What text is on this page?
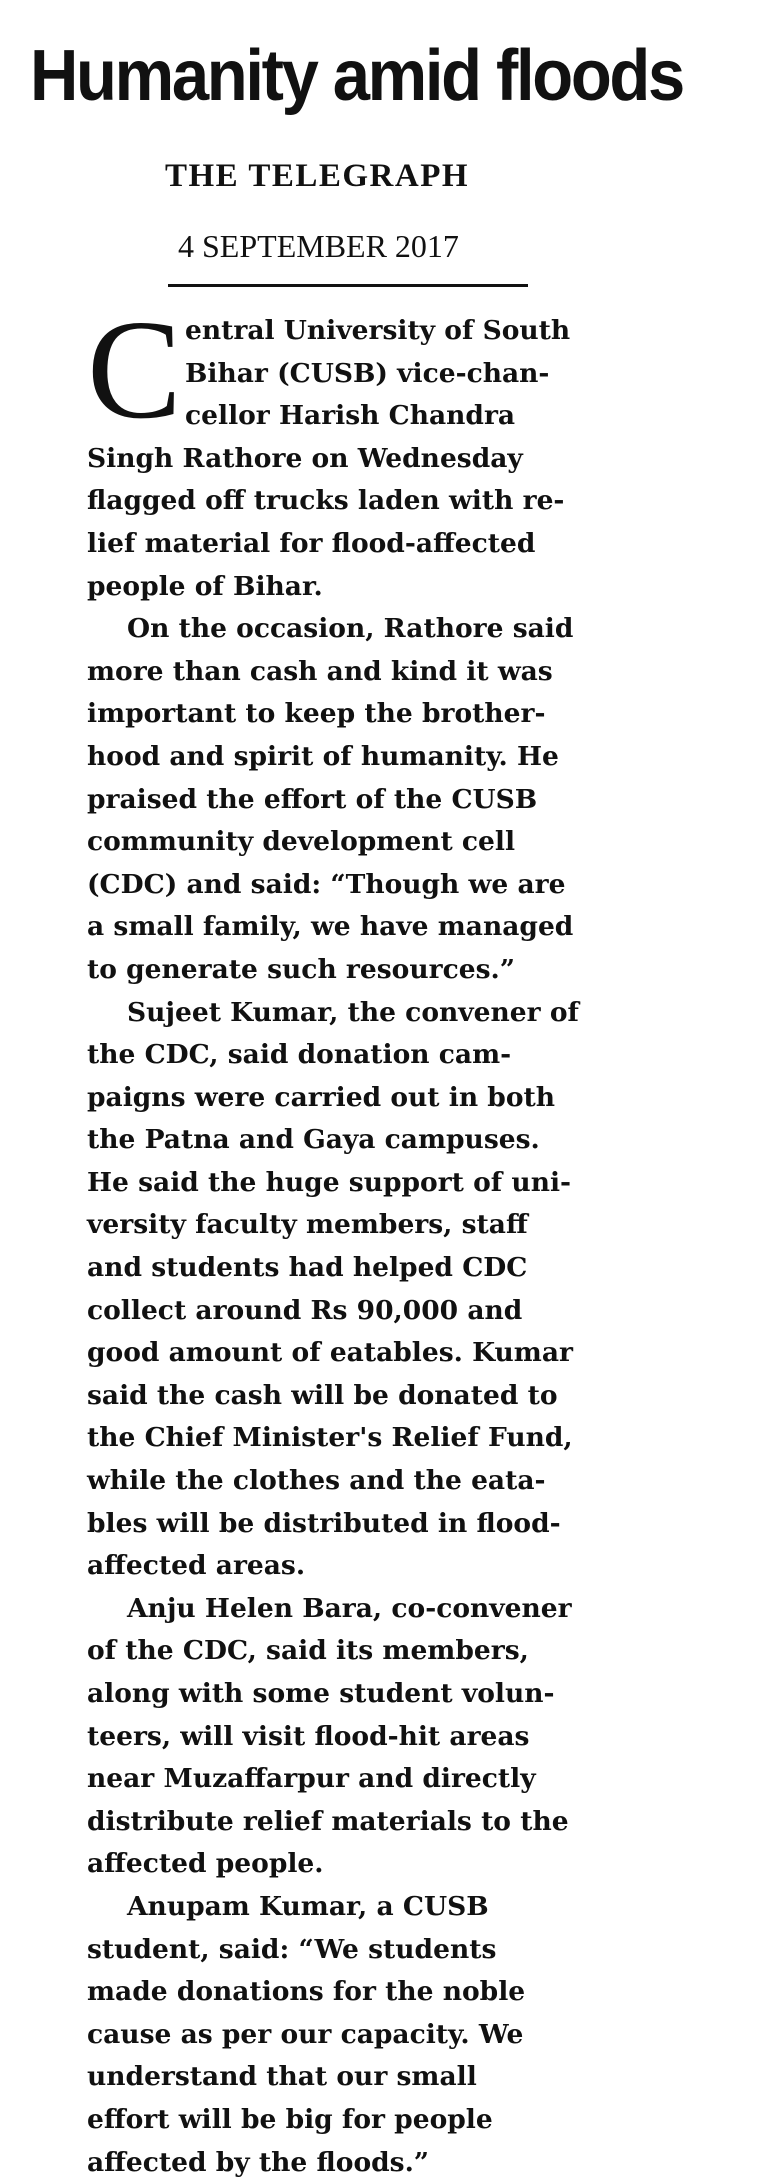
Humanity amid floods
THE TELEGRAPH
4 SEPTEMBER 2017
C entral University of South
Bihar (CUSB) vice-chan-
cellor Harish Chandra
Singh Rathore on Wednesday
flagged off trucks laden with re-
lief material for flood-affected
people of Bihar.
On the occasion, Rathore said
more than cash and kind it was
important to keep the brother-
hood and spirit of humanity. He
praised the effort of the CUSB
community development cell
(CDC) and said: “Though we are
a small family, we have managed
to generate such resources.”
Sujeet Kumar, the convener of
the CDC, said donation cam-
paigns were carried out in both
the Patna and Gaya campuses.
He said the huge support of uni-
versity faculty members, staff
and students had helped CDC
collect around Rs 90,000 and
good amount of eatables. Kumar
said the cash will be donated to
the Chief Minister's Relief Fund,
while the clothes and the eata-
bles will be distributed in flood-
affected areas.
Anju Helen Bara, co-convener
of the CDC, said its members,
along with some student volun-
teers, will visit flood-hit areas
near Muzaffarpur and directly
distribute relief materials to the
affected people.
Anupam Kumar, a CUSB
student, said: “We students
made donations for the noble
cause as per our capacity. We
understand that our small
effort will be big for people
affected by the floods.”
